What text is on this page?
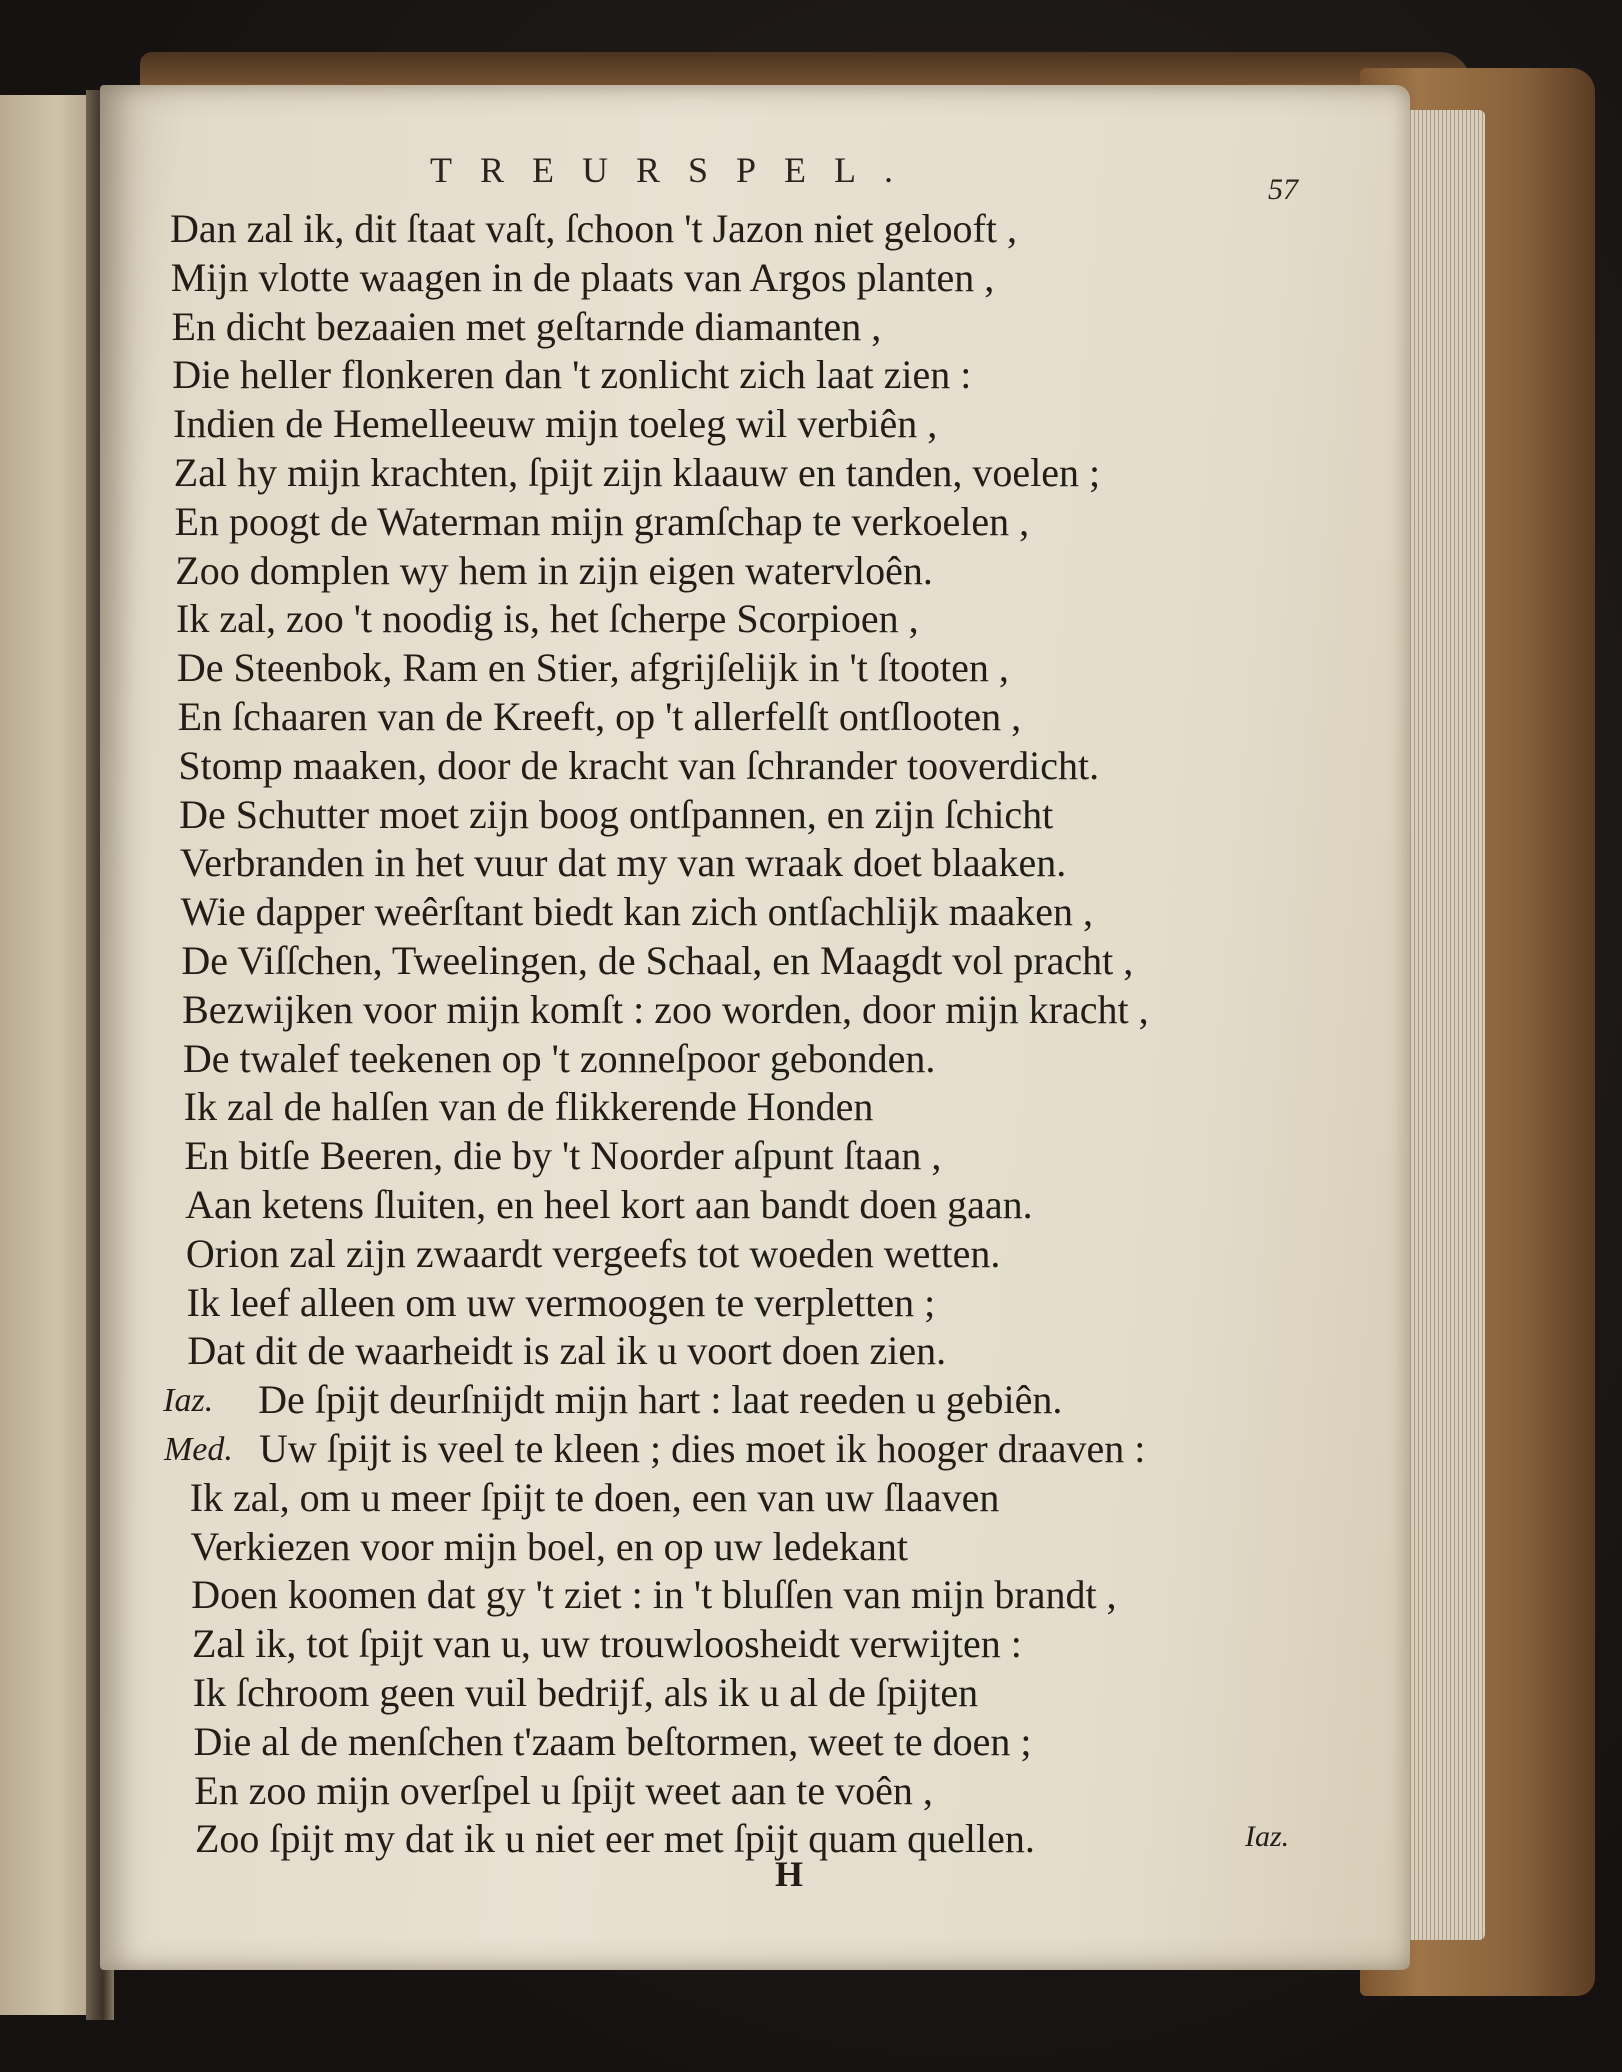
TREURSPEL.	57
Dan zal ik, dit ſtaat vaſt, ſchoon 't Jazon niet gelooft ,
Mijn vlotte waagen in de plaats van Argos planten ,
En dicht bezaaien met geſtarnde diamanten ,
Die heller flonkeren dan 't zonlicht zich laat zien :
Indien de Hemelleeuw mijn toeleg wil verbiên ,
Zal hy mijn krachten, ſpijt zijn klaauw en tanden, voelen ;
En poogt de Waterman mijn gramſchap te verkoelen ,
Zoo domplen wy hem in zijn eigen watervloên.
Ik zal, zoo 't noodig is, het ſcherpe Scorpioen ,
De Steenbok, Ram en Stier, afgrijſelijk in 't ſtooten ,
En ſchaaren van de Kreeft, op 't allerfelſt ontſlooten ,
Stomp maaken, door de kracht van ſchrander tooverdicht.
De Schutter moet zijn boog ontſpannen, en zijn ſchicht
Verbranden in het vuur dat my van wraak doet blaaken.
Wie dapper weêrſtant biedt kan zich ontſachlijk maaken ,
De Viſſchen, Tweelingen, de Schaal, en Maagdt vol pracht ,
Bezwijken voor mijn komſt : zoo worden, door mijn kracht ,
De twalef teekenen op 't zonneſpoor gebonden.
Ik zal de halſen van de flikkerende Honden
En bitſe Beeren, die by 't Noorder aſpunt ſtaan ,
Aan ketens ſluiten, en heel kort aan bandt doen gaan.
Orion zal zijn zwaardt vergeefs tot woeden wetten.
Ik leef alleen om uw vermoogen te verpletten ;
Dat dit de waarheidt is zal ik u voort doen zien.
Iaz. De ſpijt deurſnijdt mijn hart : laat reeden u gebiên.
Med. Uw ſpijt is veel te kleen ; dies moet ik hooger draaven :
Ik zal, om u meer ſpijt te doen, een van uw ſlaaven
Verkiezen voor mijn boel, en op uw ledekant
Doen koomen dat gy 't ziet : in 't bluſſen van mijn brandt ,
Zal ik, tot ſpijt van u, uw trouwloosheidt verwijten :
Ik ſchroom geen vuil bedrijf, als ik u al de ſpijten
Die al de menſchen t'zaam beſtormen, weet te doen ;
En zoo mijn overſpel u ſpijt weet aan te voên ,
Zoo ſpijt my dat ik u niet eer met ſpijt quam quellen.	Iaz.
H
